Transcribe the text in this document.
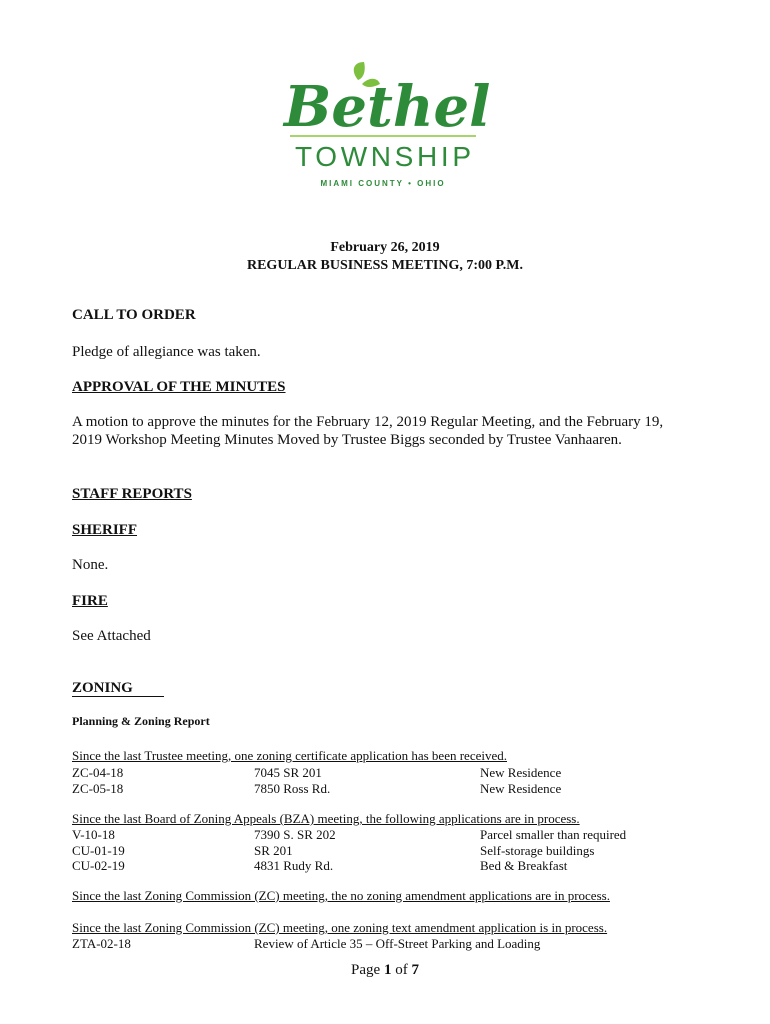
Bethel
TOWNSHIP
MIAMI COUNTY • OHIO
February 26, 2019
REGULAR BUSINESS MEETING, 7:00 P.M.
CALL TO ORDER
Pledge of allegiance was taken.
APPROVAL OF THE MINUTES
A motion to approve the minutes for the February 12, 2019 Regular Meeting, and the February 19,
2019 Workshop Meeting Minutes Moved by Trustee Biggs seconded by Trustee Vanhaaren.
STAFF REPORTS
SHERIFF
None.
FIRE
See Attached
ZONING
Planning & Zoning Report
Since the last Trustee meeting, one zoning certificate application has been received.
ZC-04-18	7045 SR 201	New Residence
ZC-05-18	7850 Ross Rd.	New Residence
Since the last Board of Zoning Appeals (BZA) meeting, the following applications are in process.
V-10-18	7390 S. SR 202	Parcel smaller than required
CU-01-19	SR 201	Self-storage buildings
CU-02-19	4831 Rudy Rd.	Bed & Breakfast
Since the last Zoning Commission (ZC) meeting, the no zoning amendment applications are in process.
Since the last Zoning Commission (ZC) meeting, one zoning text amendment application is in process.
ZTA-02-18	Review of Article 35 – Off-Street Parking and Loading
Page 1 of 7
